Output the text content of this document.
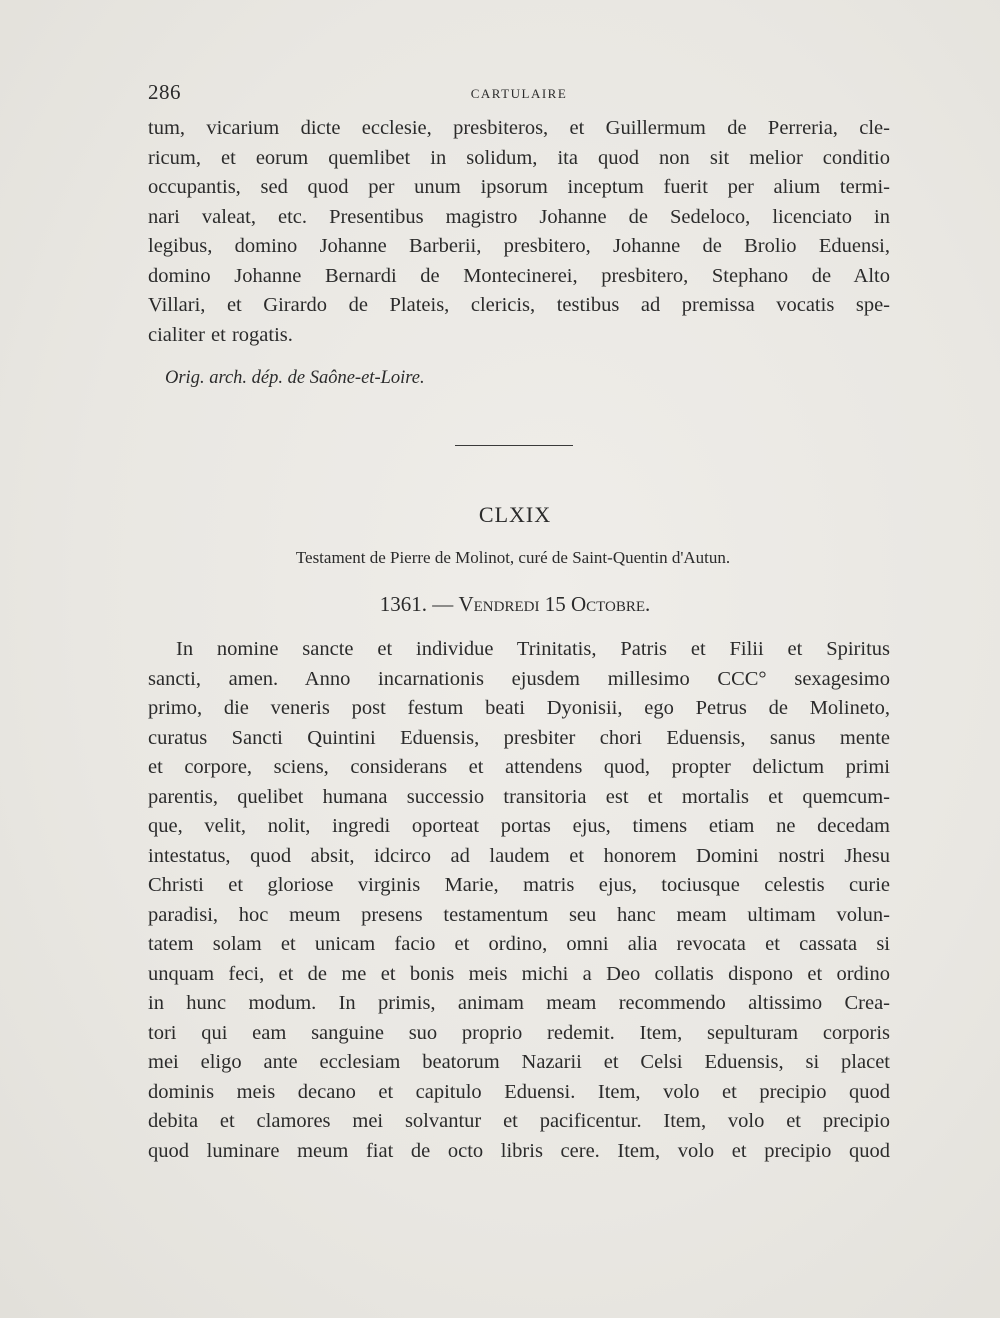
286	CARTULAIRE
tum, vicarium dicte ecclesie, presbiteros, et Guillermum de Perreria, cle-
ricum, et eorum quemlibet in solidum, ita quod non sit melior conditio
occupantis, sed quod per unum ipsorum inceptum fuerit per alium termi-
nari valeat, etc. Presentibus magistro Johanne de Sedeloco, licenciato in
legibus, domino Johanne Barberii, presbitero, Johanne de Brolio Eduensi,
domino Johanne Bernardi de Montecinerei, presbitero, Stephano de Alto
Villari, et Girardo de Plateis, clericis, testibus ad premissa vocatis spe-
cialiter et rogatis.
Orig. arch. dép. de Saône-et-Loire.
CLXIX
Testament de Pierre de Molinot, curé de Saint-Quentin d'Autun.
1361. — Vendredi 15 Octobre.
In nomine sancte et individue Trinitatis, Patris et Filii et Spiritus
sancti, amen. Anno incarnationis ejusdem millesimo CCC° sexagesimo
primo, die veneris post festum beati Dyonisii, ego Petrus de Molineto,
curatus Sancti Quintini Eduensis, presbiter chori Eduensis, sanus mente
et corpore, sciens, considerans et attendens quod, propter delictum primi
parentis, quelibet humana successio transitoria est et mortalis et quemcum-
que, velit, nolit, ingredi oporteat portas ejus, timens etiam ne decedam
intestatus, quod absit, idcirco ad laudem et honorem Domini nostri Jhesu
Christi et gloriose virginis Marie, matris ejus, tociusque celestis curie
paradisi, hoc meum presens testamentum seu hanc meam ultimam volun-
tatem solam et unicam facio et ordino, omni alia revocata et cassata si
unquam feci, et de me et bonis meis michi a Deo collatis dispono et ordino
in hunc modum. In primis, animam meam recommendo altissimo Crea-
tori qui eam sanguine suo proprio redemit. Item, sepulturam corporis
mei eligo ante ecclesiam beatorum Nazarii et Celsi Eduensis, si placet
dominis meis decano et capitulo Eduensi. Item, volo et precipio quod
debita et clamores mei solvantur et pacificentur. Item, volo et precipio
quod luminare meum fiat de octo libris cere. Item, volo et precipio quod
